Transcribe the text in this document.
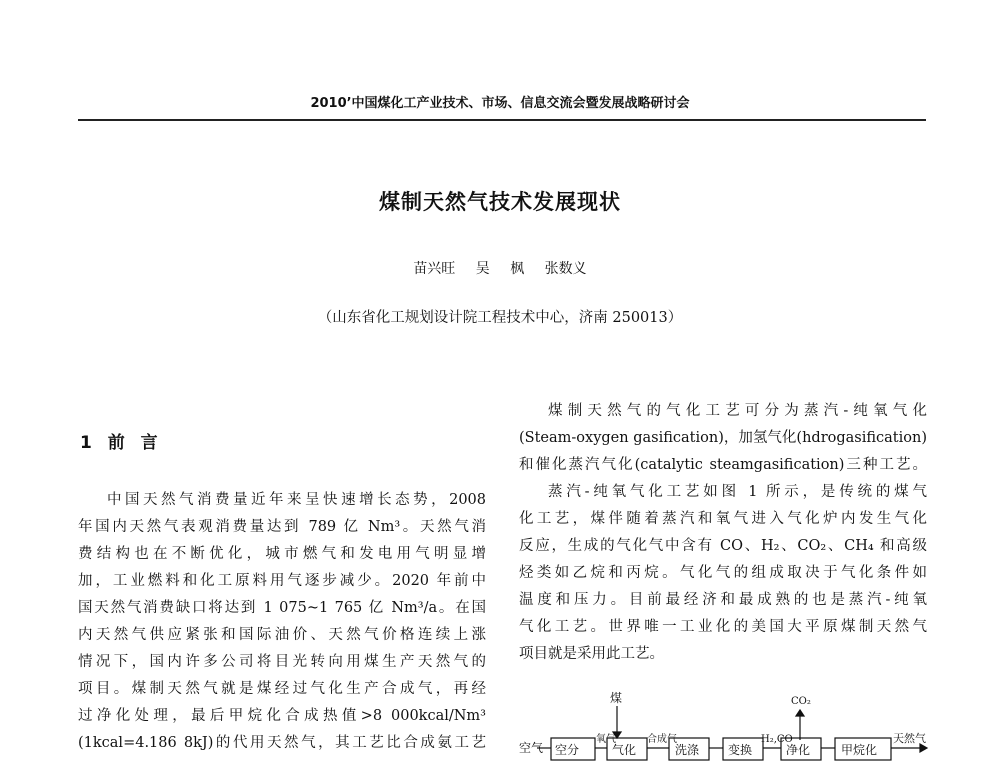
2010’中国煤化工产业技术、市场、信息交流会暨发展战略研讨会
煤制天然气技术发展现状
苗兴旺 吴 枫 张数义
（山东省化工规划设计院工程技术中心，济南 250013）
1 前 言

中国天然气消费量近年来呈快速增长态势，2008

年国内天然气表观消费量达到 789 亿 Nm³。天然气消

费结构也在不断优化，城市燃气和发电用气明显增

加，工业燃料和化工原料用气逐步减少。2020 年前中

国天然气消费缺口将达到 1 075~1 765 亿 Nm³/a。在国

内天然气供应紧张和国际油价、天然气价格连续上涨

情况下，国内许多公司将目光转向用煤生产天然气的

项目。煤制天然气就是煤经过气化生产合成气，再经

过净化处理，最后甲烷化合成热值>8 000kcal/Nm³

(1kcal=4.186 8kJ)的代用天然气，其工艺比合成氨工艺

煤制天然气的气化工艺可分为蒸汽-纯氧气化

(Steam-oxygen gasification)，加氢气化(hdrogasification)

和催化蒸汽气化(catalytic steamgasification)三种工艺。

蒸汽-纯氧气化工艺如图 1 所示，是传统的煤气

化工艺，煤伴随着蒸汽和氧气进入气化炉内发生气化

反应，生成的气化气中含有 CO、H₂、CO₂、CH₄ 和高级

烃类如乙烷和丙烷。气化气的组成取决于气化条件如

温度和压力。目前最经济和最成熟的也是蒸汽-纯氧

气化工艺。世界唯一工业化的美国大平原煤制天然气

项目就是采用此工艺。

空气 空分
氧气
煤
气化
合成气
洗涤 变换
H₂,CO
CO₂
净化	甲烷化
天然气
